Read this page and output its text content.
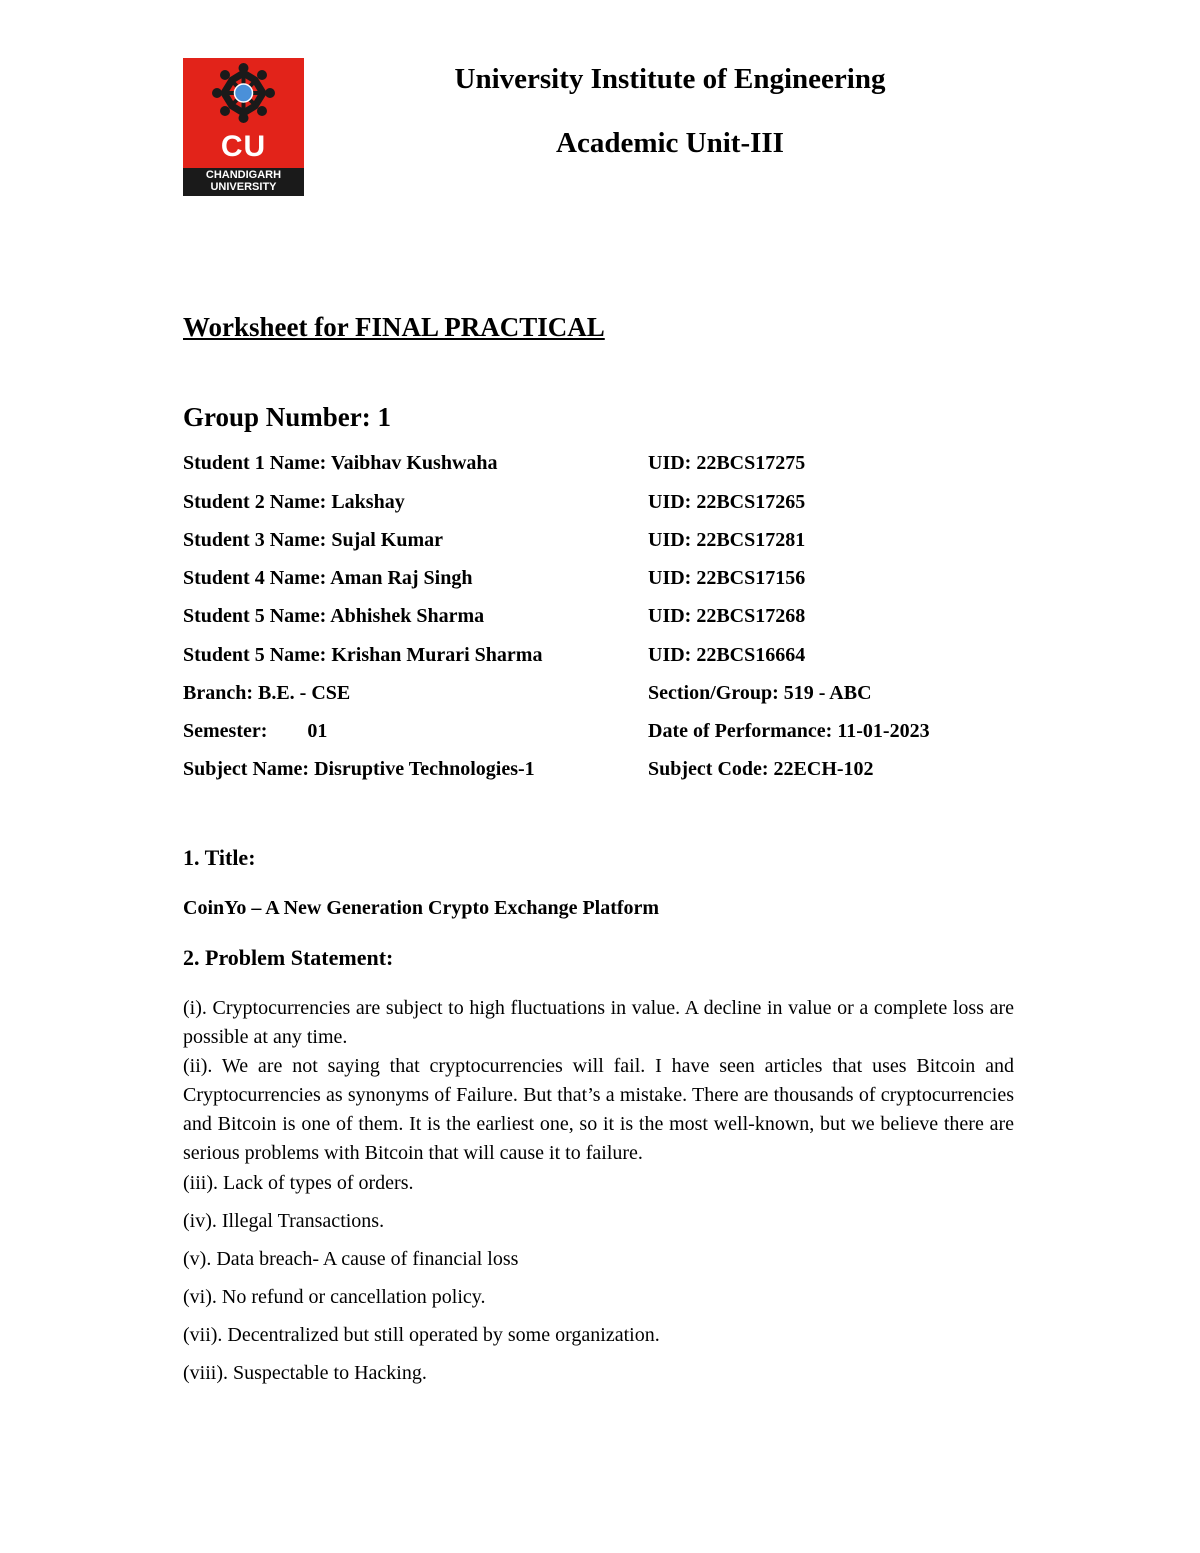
CU
CHANDIGARH
UNIVERSITY
University Institute of Engineering
Academic Unit-III
Worksheet for FINAL PRACTICAL
Group Number: 1
Student 1 Name: Vaibhav Kushwaha	UID: 22BCS17275
Student 2 Name: Lakshay	UID: 22BCS17265
Student 3 Name: Sujal Kumar	UID: 22BCS17281
Student 4 Name: Aman Raj Singh	UID: 22BCS17156
Student 5 Name: Abhishek Sharma	UID: 22BCS17268
Student 5 Name: Krishan Murari Sharma	UID: 22BCS16664
Branch: B.E. - CSE	Section/Group: 519 - ABC
Semester: 01	Date of Performance: 11-01-2023
Subject Name: Disruptive Technologies-1	Subject Code: 22ECH-102
1. Title:
CoinYo – A New Generation Crypto Exchange Platform
2. Problem Statement:
(i). Cryptocurrencies are subject to high fluctuations in value. A decline in value or a complete loss are possible at any time.
(ii). We are not saying that cryptocurrencies will fail. I have seen articles that uses Bitcoin and Cryptocurrencies as synonyms of Failure. But that’s a mistake. There are thousands of cryptocurrencies and Bitcoin is one of them. It is the earliest one, so it is the most well-known, but we believe there are serious problems with Bitcoin that will cause it to failure.
(iii). Lack of types of orders.
(iv). Illegal Transactions.
(v). Data breach- A cause of financial loss
(vi). No refund or cancellation policy.
(vii). Decentralized but still operated by some organization.
(viii). Suspectable to Hacking.
